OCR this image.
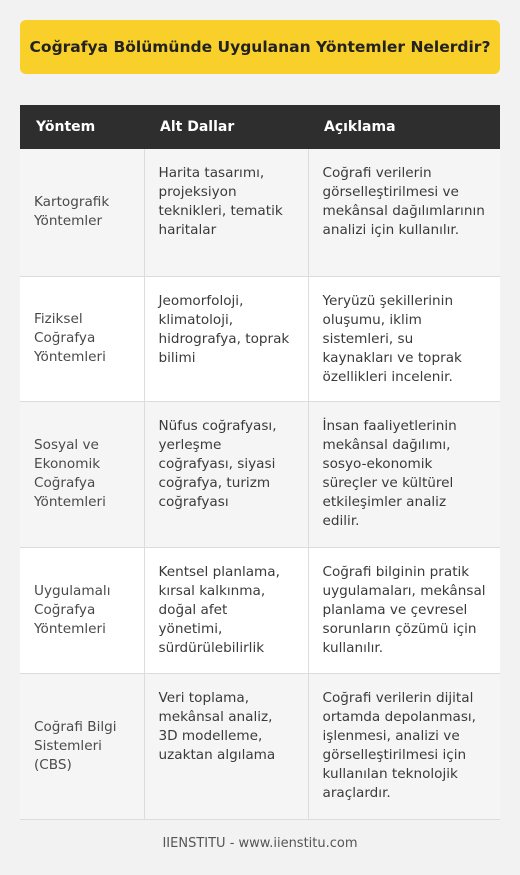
Coğrafya Bölümünde Uygulanan Yöntemler Nelerdir?
Yöntem	Alt Dallar	Açıklama
Kartografik Yöntemler	Harita tasarımı, projeksiyon teknikleri, tematik haritalar	Coğrafi verilerin görselleştirilmesi ve mekânsal dağılımlarının analizi için kullanılır.
Fiziksel Coğrafya Yöntemleri	Jeomorfoloji, klimatoloji, hidrografya, toprak bilimi	Yeryüzü şekillerinin oluşumu, iklim sistemleri, su kaynakları ve toprak özellikleri incelenir.
Sosyal ve Ekonomik Coğrafya Yöntemleri	Nüfus coğrafyası, yerleşme coğrafyası, siyasi coğrafya, turizm coğrafyası	İnsan faaliyetlerinin mekânsal dağılımı, sosyo-ekonomik süreçler ve kültürel etkileşimler analiz edilir.
Uygulamalı Coğrafya Yöntemleri	Kentsel planlama, kırsal kalkınma, doğal afet yönetimi, sürdürülebilirlik	Coğrafi bilginin pratik uygulamaları, mekânsal planlama ve çevresel sorunların çözümü için kullanılır.
Coğrafi Bilgi Sistemleri (CBS)	Veri toplama, mekânsal analiz, 3D modelleme, uzaktan algılama	Coğrafi verilerin dijital ortamda depolanması, işlenmesi, analizi ve görselleştirilmesi için kullanılan teknolojik araçlardır.
IIENSTITU - www.iienstitu.com
